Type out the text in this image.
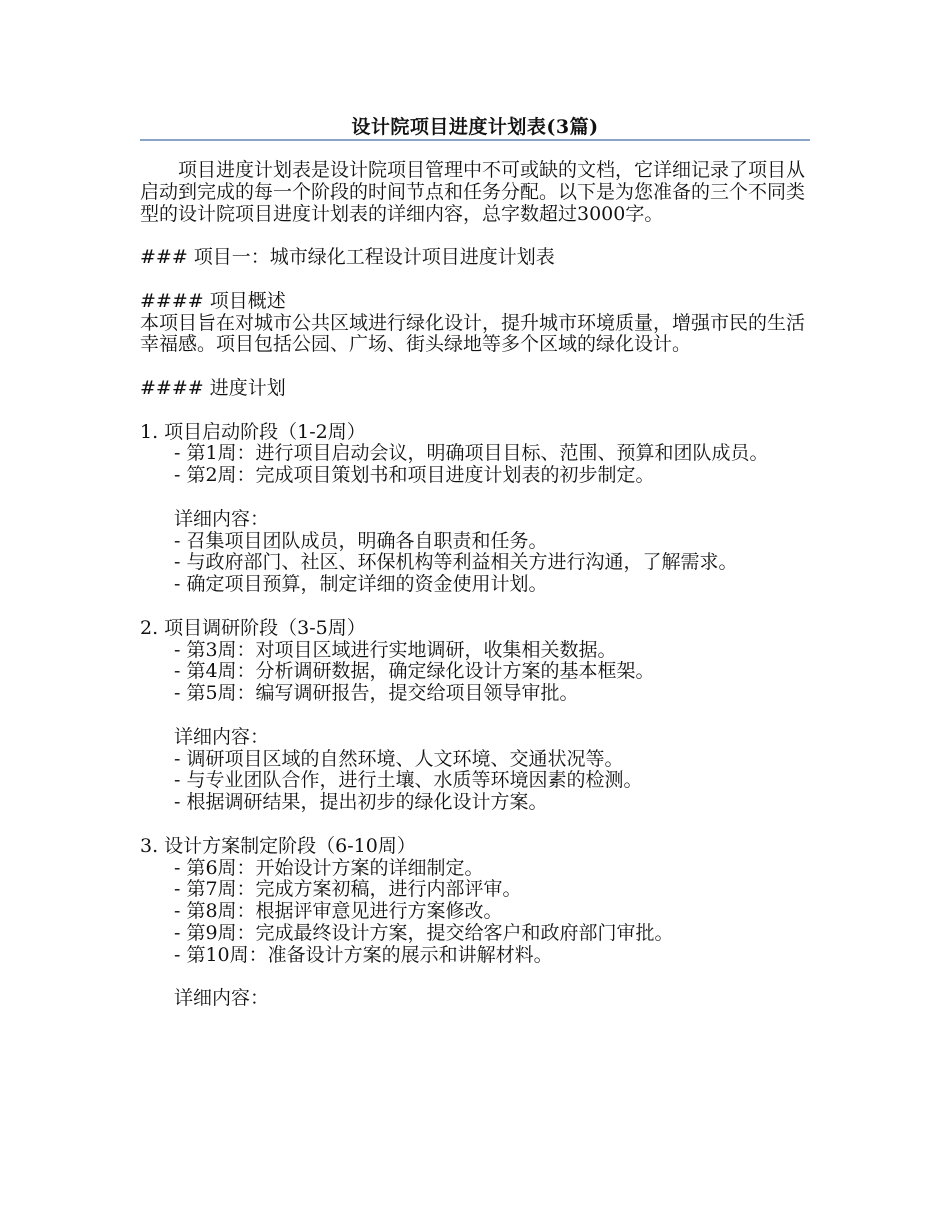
设计院项目进度计划表(3篇)

项目进度计划表是设计院项目管理中不可或缺的文档，它详细记录了项目从启动到完成的每一个阶段的时间节点和任务分配。以下是为您准备的三个不同类型的设计院项目进度计划表的详细内容，总字数超过3000字。

### 项目一：城市绿化工程设计项目进度计划表

#### 项目概述

本项目旨在对城市公共区域进行绿化设计，提升城市环境质量，增强市民的生活幸福感。项目包括公园、广场、街头绿地等多个区域的绿化设计。

#### 进度计划

1. 项目启动阶段（1-2周）

- 第1周：进行项目启动会议，明确项目目标、范围、预算和团队成员。

- 第2周：完成项目策划书和项目进度计划表的初步制定。

详细内容：

- 召集项目团队成员，明确各自职责和任务。

- 与政府部门、社区、环保机构等利益相关方进行沟通，了解需求。

- 确定项目预算，制定详细的资金使用计划。

2. 项目调研阶段（3-5周）

- 第3周：对项目区域进行实地调研，收集相关数据。

- 第4周：分析调研数据，确定绿化设计方案的基本框架。

- 第5周：编写调研报告，提交给项目领导审批。

详细内容：

- 调研项目区域的自然环境、人文环境、交通状况等。

- 与专业团队合作，进行土壤、水质等环境因素的检测。

- 根据调研结果，提出初步的绿化设计方案。

3. 设计方案制定阶段（6-10周）

- 第6周：开始设计方案的详细制定。

- 第7周：完成方案初稿，进行内部评审。

- 第8周：根据评审意见进行方案修改。

- 第9周：完成最终设计方案，提交给客户和政府部门审批。

- 第10周：准备设计方案的展示和讲解材料。

详细内容：
